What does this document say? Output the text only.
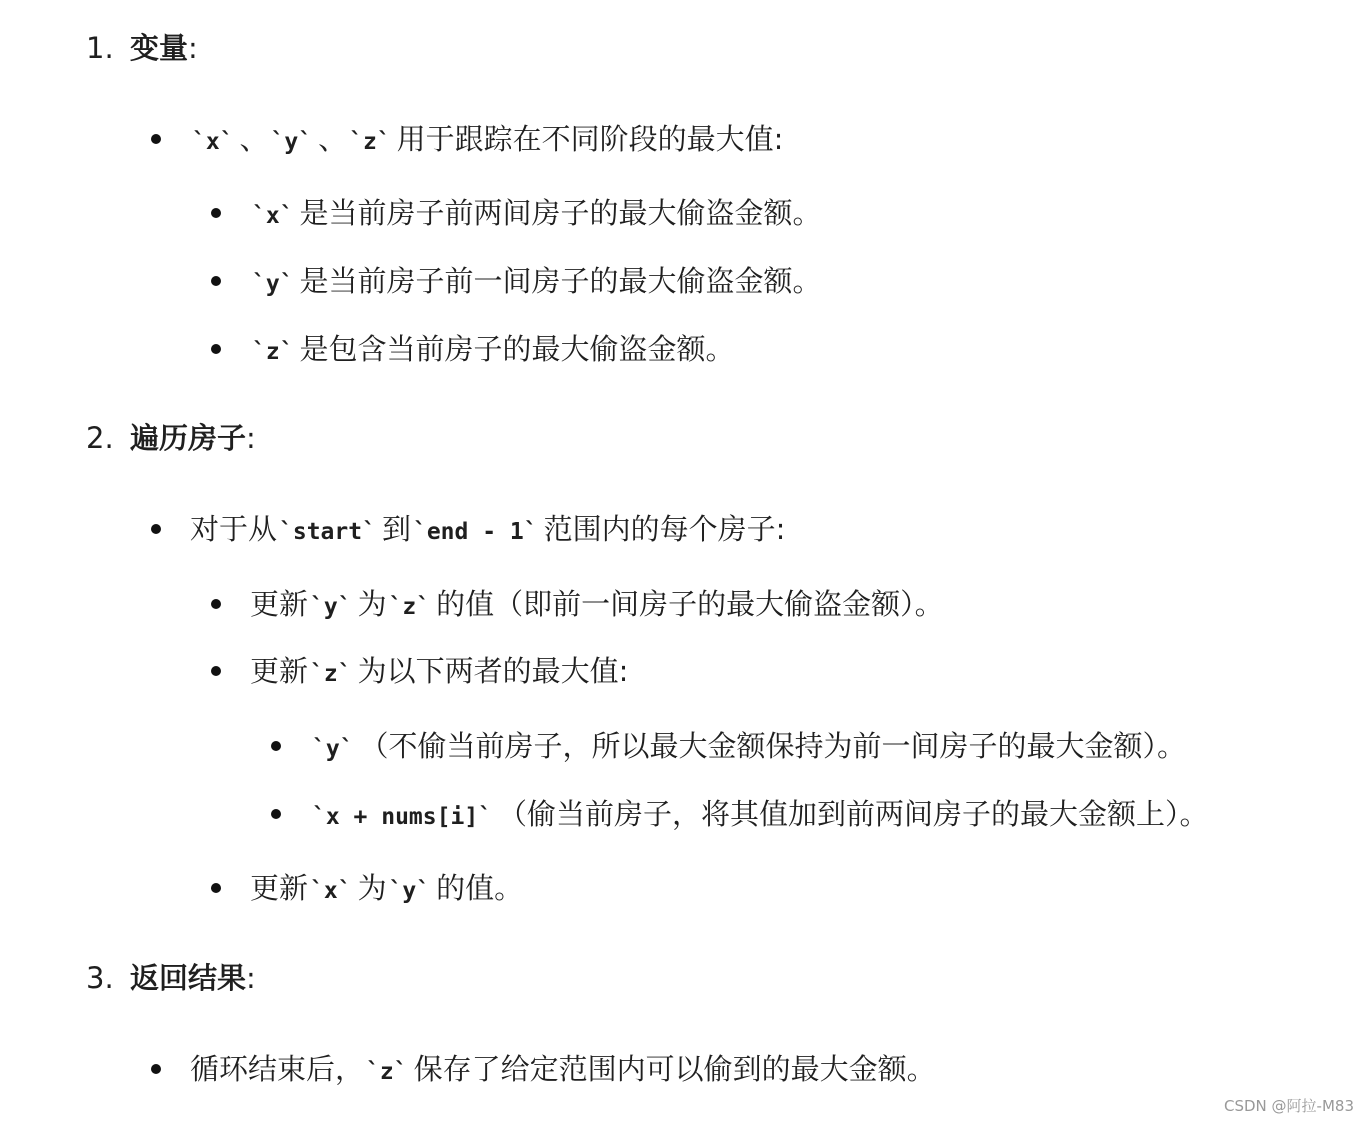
1. 变量:
`x` 、`y` 、`z` 用于跟踪在不同阶段的最大值:
`x` 是当前房子前两间房子的最大偷盗金额。
`y` 是当前房子前一间房子的最大偷盗金额。
`z` 是包含当前房子的最大偷盗金额。
2. 遍历房子:
对于从`start` 到`end - 1` 范围内的每个房子:
更新`y` 为`z` 的值（即前一间房子的最大偷盗金额）。
更新`z` 为以下两者的最大值:
`y` （不偷当前房子，所以最大金额保持为前一间房子的最大金额）。
`x + nums[i]` （偷当前房子，将其值加到前两间房子的最大金额上）。
更新`x` 为`y` 的值。
3. 返回结果:
循环结束后，`z` 保存了给定范围内可以偷到的最大金额。
CSDN @阿拉-M83
